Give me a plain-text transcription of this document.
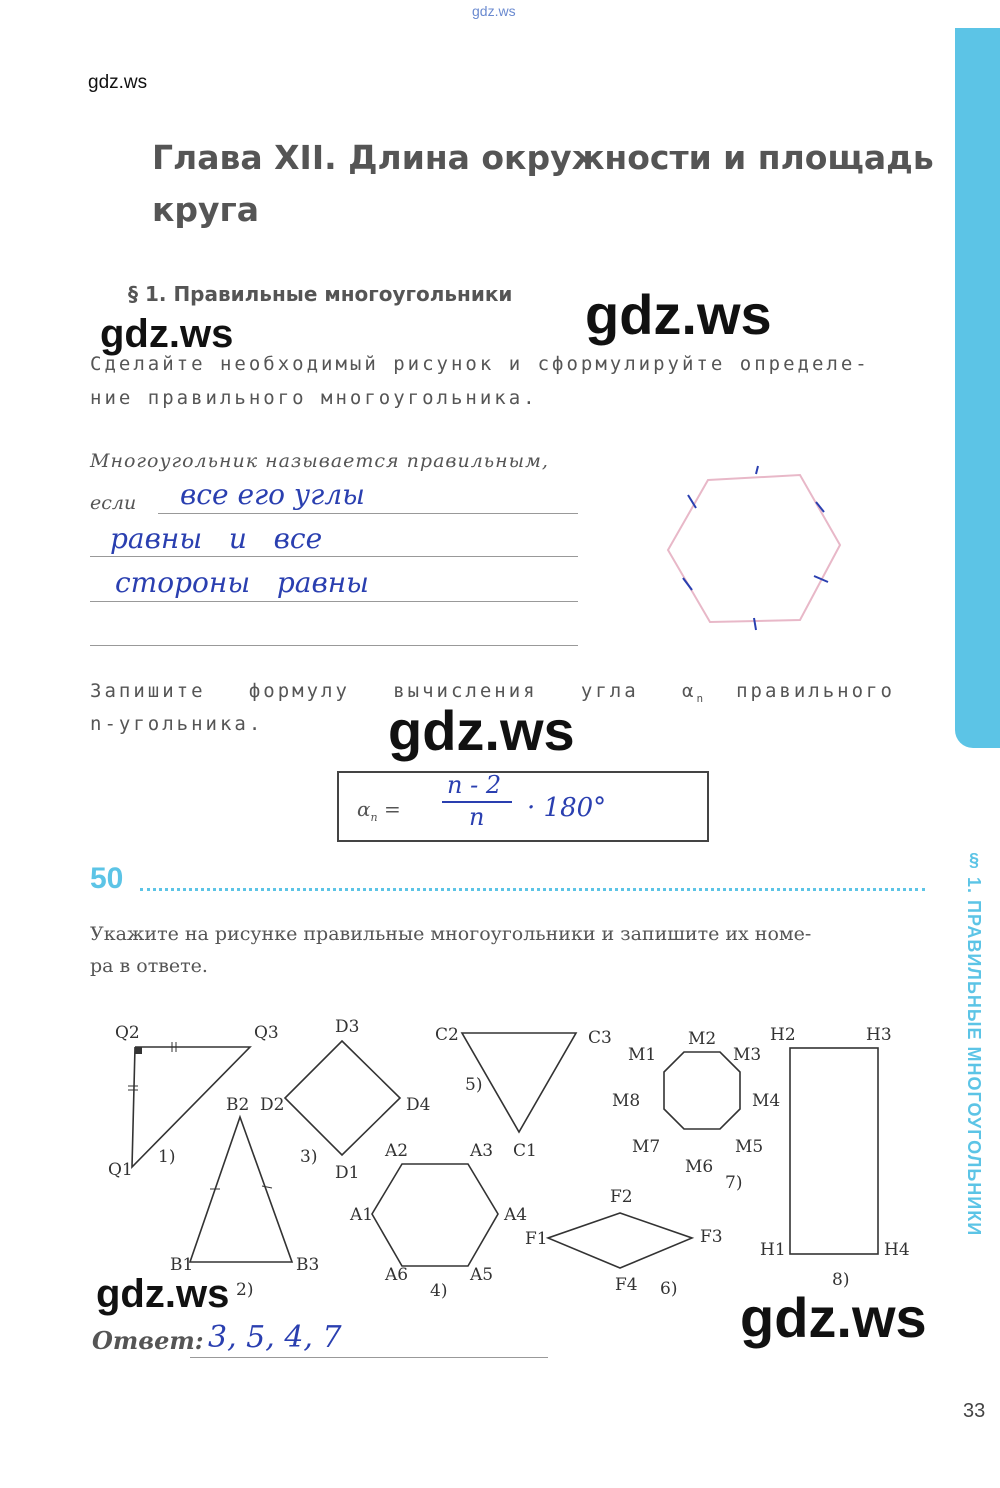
§ 1. ПРАВИЛЬНЫЕ МНОГОУГОЛЬНИКИ
gdz.ws
gdz.ws
Глава XII. Длина окружности и площадь
круга
§ 1. Правильные многоугольники gdz.ws
gdz.ws
Сделайте необходимый рисунок и сформулируйте определе-
ние правильного многоугольника.
Многоугольник называется правильным,
если все его углы
равны   и   все
стороны   равны
Запишите   формулу   вычисления   угла   $\alpha_n$ правильного
n-угольника. gdz.ws
$\alpha_n$ =
n - 2
n · 180°
50
Укажите на рисунке правильные многоугольники и запишите их номе-
ра в ответе.
Q2	Q3
Q1
1)
B2
B1	B3
2)
D3
D2	D4
D1
3)	A2	A3
A1	A4
A6	A5
4)
C2	C3
C1
5)
F2
F1	F3
F4 6)
M1
M2
M3
M8	M4
M7
M6
M5
7)
H2	H3
H1	H4
8)
gdz.ws	gdz.ws
Ответ: 3, 5, 4, 7
33
